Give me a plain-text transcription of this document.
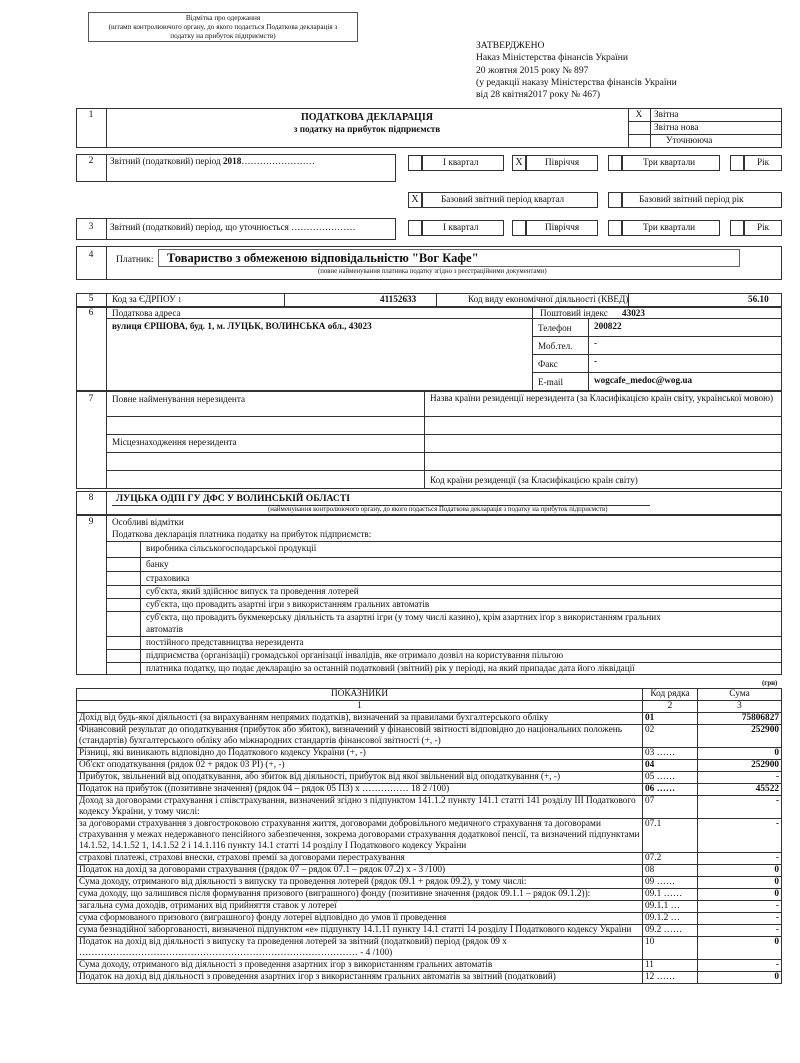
Відмітка про одержання
(штамп контролюючого органу, до якого подається Податкова декларація з
податку на прибуток підприємств)
ЗАТВЕРДЖЕНО
Наказ Міністерства фінансів України
20 жовтня 2015 року № 897
(у редакції наказу Міністерства фінансів України
від 28 квітня2017 року № 467)
1	ПОДАТКОВА ДЕКЛАРАЦІЯ
з податку на прибуток підприємств
X	Звітна
Звітна нова
Уточнююча
2	Звітний (податковий) період 2018……………………	І квартал	X	Півріччя	Три квартали	Рік
X	Базовий звітний період квартал	Базовий звітний період рік
3	Звітний (податковий) період, що уточнюється …………………	І квартал	Півріччя	Три квартали	Рік
4	Платник: Товариство з обмеженою відповідальністю "Вог Кафе"
(повне найменування платника податку згідно з реєстраційними документами)
5	Код за ЄДРПОУ 1	41152633	Код виду економічної діяльності (КВЕД)	56.10
6	Податкова адреса
вулиця ЄРШОВА, буд. 1, м. ЛУЦЬК, ВОЛИНСЬКА обл., 43023
Поштовий індекс 43023
Телефон 200822
Моб.тел. -
Факс	-
E-mail	wogcafe_medoc@wog.ua
7	Повне найменування нерезидента	Назва країни резиденції нерезидента (за Класифікацією країн світу, української мовою)
Місцезнаходження нерезидента
Код країни резиденції (за Класифікацією країн світу)
8	ЛУЦЬКА ОДПІ ГУ ДФС У ВОЛИНСЬКІЙ ОБЛАСТІ
(найменування контролюючого органу, до якого подається Податкова декларація з податку на прибуток підприємств)
9	Особливі відмітки
Податкова декларація платника податку на прибуток підприємств:
виробника сільськогосподарської продукції
банку
страховика
суб'єкта, який здійснює випуск та проведення лотерей
суб'єкта, що провадить азартні ігри з використанням гральних автоматів
суб'єкта, що провадить букмекерську діяльність та азартні ігри (у тому числі казино), крім азартних ігор з використанням гральних
автоматів
постійного представництва нерезидента
підприємства (організації) громадської організації інвалідів, яке отримало дозвіл на користування пільгою
платника податку, що подає декларацію за останній податковий (звітний) рік у періоді, на який припадає дата його ліквідації
(грн)
ПОКАЗНИКИ	Код рядка	Сума
1	2	3
Дохід від будь-якої діяльності (за вирахуванням непрямих податків), визначений за правилами бухгалтерського обліку	01	75806827
Фінансовий результат до оподаткування (прибуток або збиток), визначений у фінансовій звітності відповідно до національних положень (стандартів) бухгалтерського обліку або міжнародних стандартів фінансової звітності (+, -)	02	252900
Різниці, які виникають відповідно до Податкового кодексу України (+, -)	03 ……	0
Об'єкт оподаткування (рядок 02 + рядок 03 РІ) (+, -)	04	252900
Прибуток, звільнений від оподаткування, або збиток від діяльності, прибуток від якої звільнений від оподаткування (+, -)	05 ……	-
Податок на прибуток ((позитивне значення) (рядок 04 – рядок 05 ПЗ) х …………… 18 2 /100)	06 ……	45522
Доход за договорами страхування і співстрахування, визначений згідно з підпунктом 141.1.2 пункту 141.1 статті 141 розділу ІІІ Податкового кодексу України, у тому числі:	07	-
за договорами страхування з довгостроковою страхування життя, договорами добровільного медичного страхування та договорами страхування у межах недержавного пенсійного забезпечення, зокрема договорами страхування додаткової пенсії, та визначений підпунктами 14.1.52, 14.1.52 1, 14.1.52 2 і 14.1.116 пункту 14.1 статті 14 розділу І Податкового кодексу України	07.1	-
страхові платежі, страхові внески, страхові премії за договорами перестрахування	07.2	-
Податок на дохід за договорами страхування ((рядок 07 – рядок 07.1 – рядок 07.2) х - 3 /100)	08	0
Сума доходу, отриманого від діяльності з випуску та проведення лотерей (рядок 09.1 + рядок 09.2), у тому числі:	09 ……	0
сума доходу, що залишився після формування призового (виграшного) фонду (позитивне значення (рядок 09.1.1 – рядок 09.1.2)):	09.1 ……	0
загальна сума доходів, отриманих від прийняття ставок у лотереї	09.1.1 …	-
сума сформованого призового (виграшного) фонду лотереї відповідно до умов її проведення	09.1.2 …	-
сума безнадійної заборгованості, визначеної підпунктом «е» підпункту 14.1.11 пункту 14.1 статті 14 розділу І Податкового кодексу України	09.2 ……	-
Податок на дохід від діяльності з випуску та проведення лотерей за звітний (податковий) період (рядок 09 х ……………………………………………………………………………… - 4 /100)	10	0
Сума доходу, отриманого від діяльності з проведення азартних ігор з використанням гральних автоматів	11	-
Податок на дохід від діяльності з проведення азартних ігор з використанням гральних автоматів за звітний (податковий)	12 ……	0
